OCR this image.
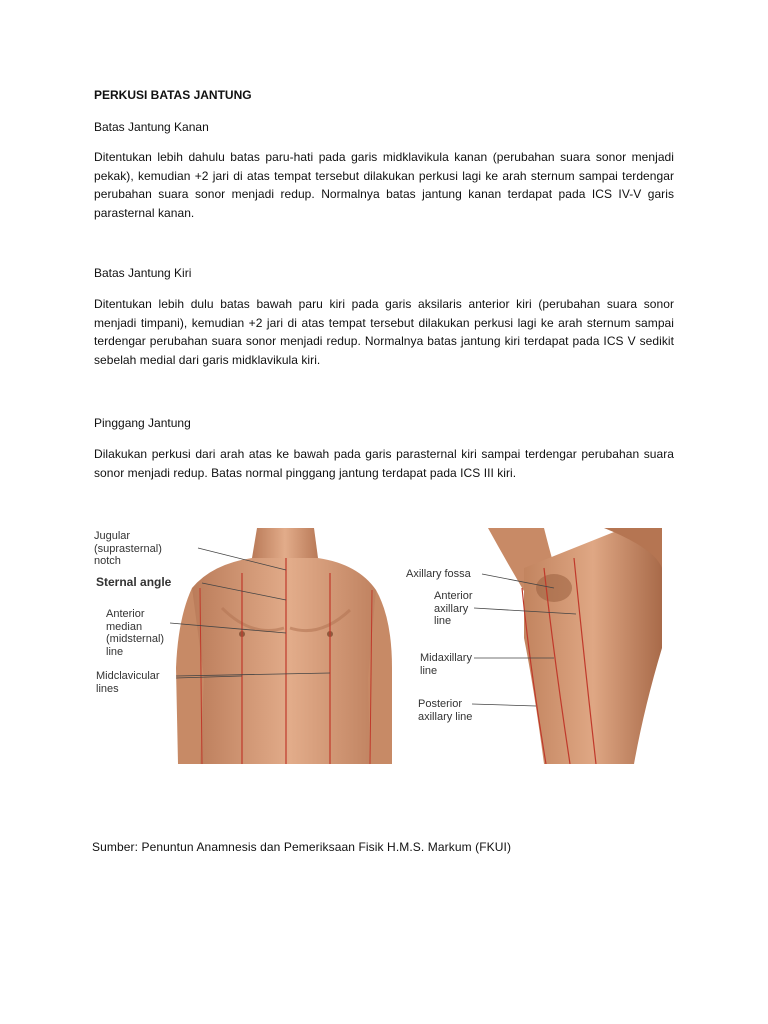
PERKUSI BATAS JANTUNG
Batas Jantung Kanan
Ditentukan lebih dahulu batas paru-hati pada garis midklavikula kanan (perubahan suara sonor menjadi pekak), kemudian +2 jari di atas tempat tersebut dilakukan perkusi lagi ke arah sternum sampai terdengar perubahan suara sonor menjadi redup. Normalnya batas jantung kanan terdapat pada ICS IV-V garis parasternal kanan.
Batas Jantung Kiri
Ditentukan lebih dulu batas bawah paru kiri pada garis aksilaris anterior kiri (perubahan suara sonor menjadi timpani), kemudian +2 jari di atas tempat tersebut dilakukan perkusi lagi ke arah sternum sampai terdengar perubahan suara sonor menjadi redup. Normalnya batas jantung kiri terdapat pada ICS V sedikit sebelah medial dari garis midklavikula kiri.
Pinggang Jantung
Dilakukan perkusi dari arah atas ke bawah pada garis parasternal kiri sampai terdengar perubahan suara sonor menjadi redup. Batas normal pinggang jantung terdapat pada ICS III kiri.
Jugular
(suprasternal)
notch
Sternal angle
Anterior
median
(midsternal)
line
Midclavicular
lines
Axillary fossa
Anterior
axillary
line
Midaxillary
line
Posterior
axillary line
Sumber: Penuntun Anamnesis dan Pemeriksaan Fisik H.M.S. Markum (FKUI)
